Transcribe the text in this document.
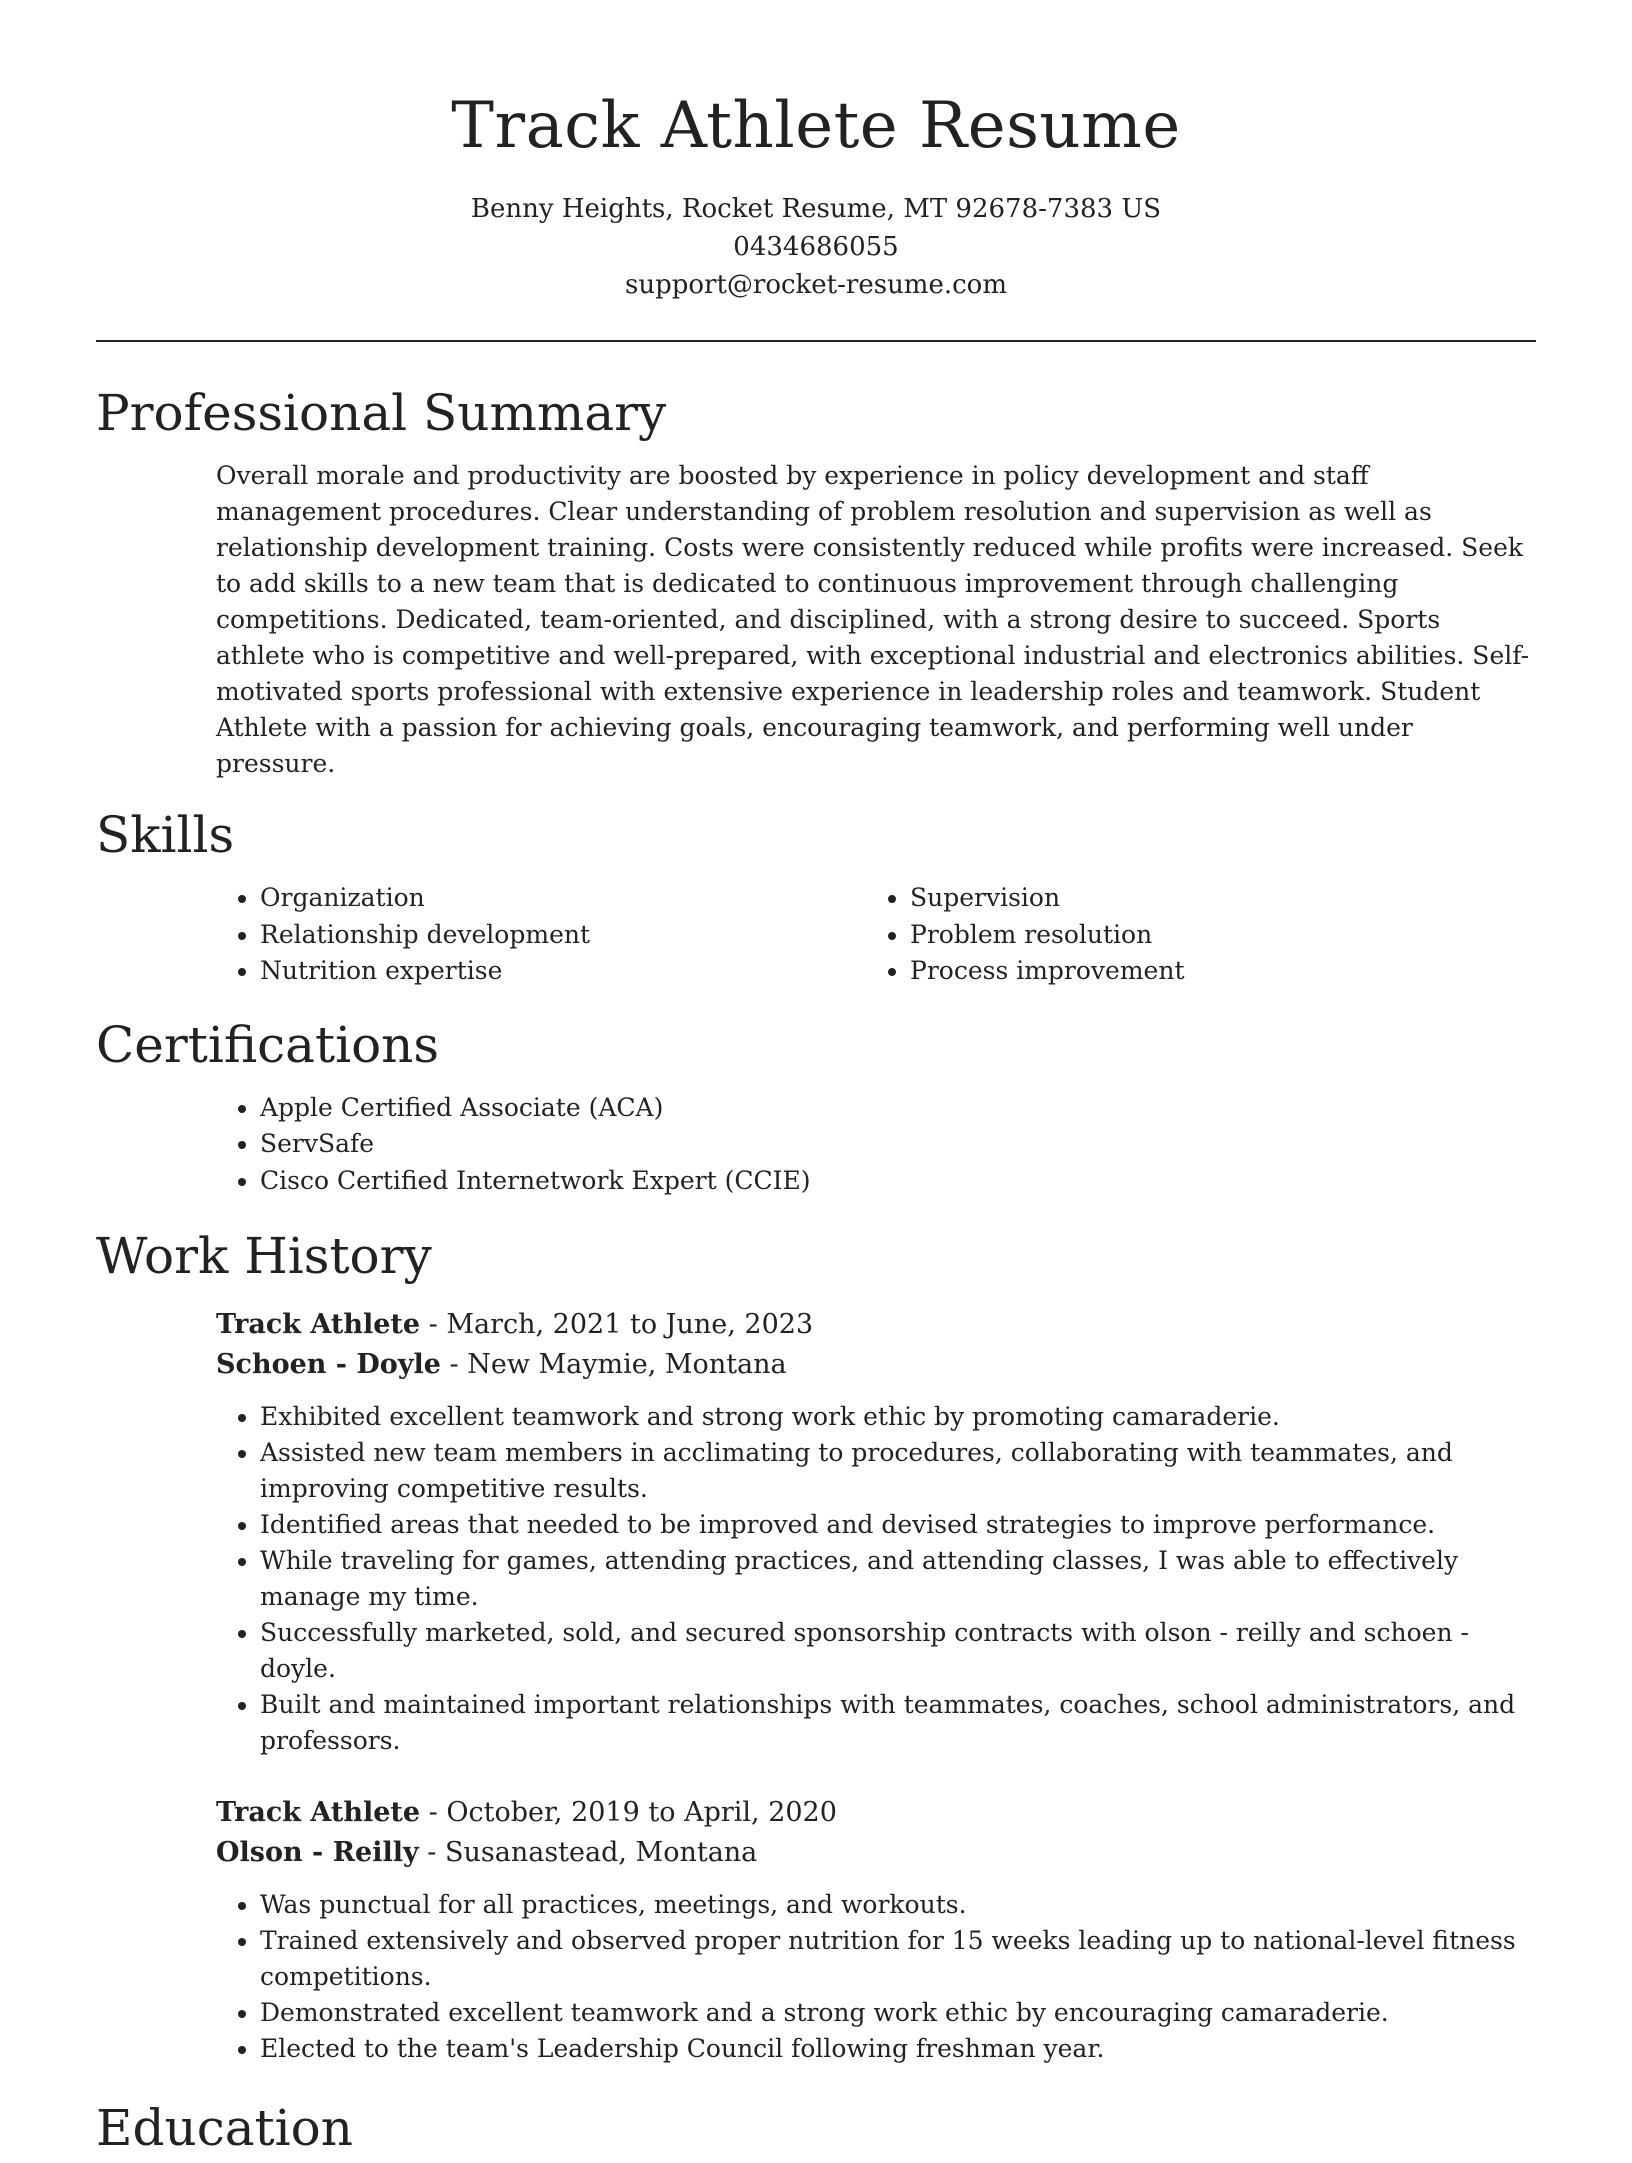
Track Athlete Resume
Benny Heights, Rocket Resume, MT 92678-7383 US
0434686055
support@rocket-resume.com
Professional Summary

Overall morale and productivity are boosted by experience in policy development and staff management procedures. Clear understanding of problem resolution and supervision as well as relationship development training. Costs were consistently reduced while profits were increased. Seek to add skills to a new team that is dedicated to continuous improvement through challenging competitions. Dedicated, team-oriented, and disciplined, with a strong desire to succeed. Sports athlete who is competitive and well-prepared, with exceptional industrial and electronics abilities. Self-motivated sports professional with extensive experience in leadership roles and teamwork. Student Athlete with a passion for achieving goals, encouraging teamwork, and performing well under pressure.

Skills
• Organization
• Relationship development
• Nutrition expertise
• Supervision
• Problem resolution
• Process improvement
Certifications
• Apple Certified Associate (ACA)
• ServSafe
• Cisco Certified Internetwork Expert (CCIE)
Work History
Track Athlete - March, 2021 to June, 2023
Schoen - Doyle - New Maymie, Montana
• Exhibited excellent teamwork and strong work ethic by promoting camaraderie.
• Assisted new team members in acclimating to procedures, collaborating with teammates, and improving competitive results.
• Identified areas that needed to be improved and devised strategies to improve performance.
• While traveling for games, attending practices, and attending classes, I was able to effectively manage my time.
• Successfully marketed, sold, and secured sponsorship contracts with olson - reilly and schoen - doyle.
• Built and maintained important relationships with teammates, coaches, school administrators, and professors.
Track Athlete - October, 2019 to April, 2020
Olson - Reilly - Susanastead, Montana
• Was punctual for all practices, meetings, and workouts.
• Trained extensively and observed proper nutrition for 15 weeks leading up to national-level fitness competitions.
• Demonstrated excellent teamwork and a strong work ethic by encouraging camaraderie.
• Elected to the team's Leadership Council following freshman year.
Education
